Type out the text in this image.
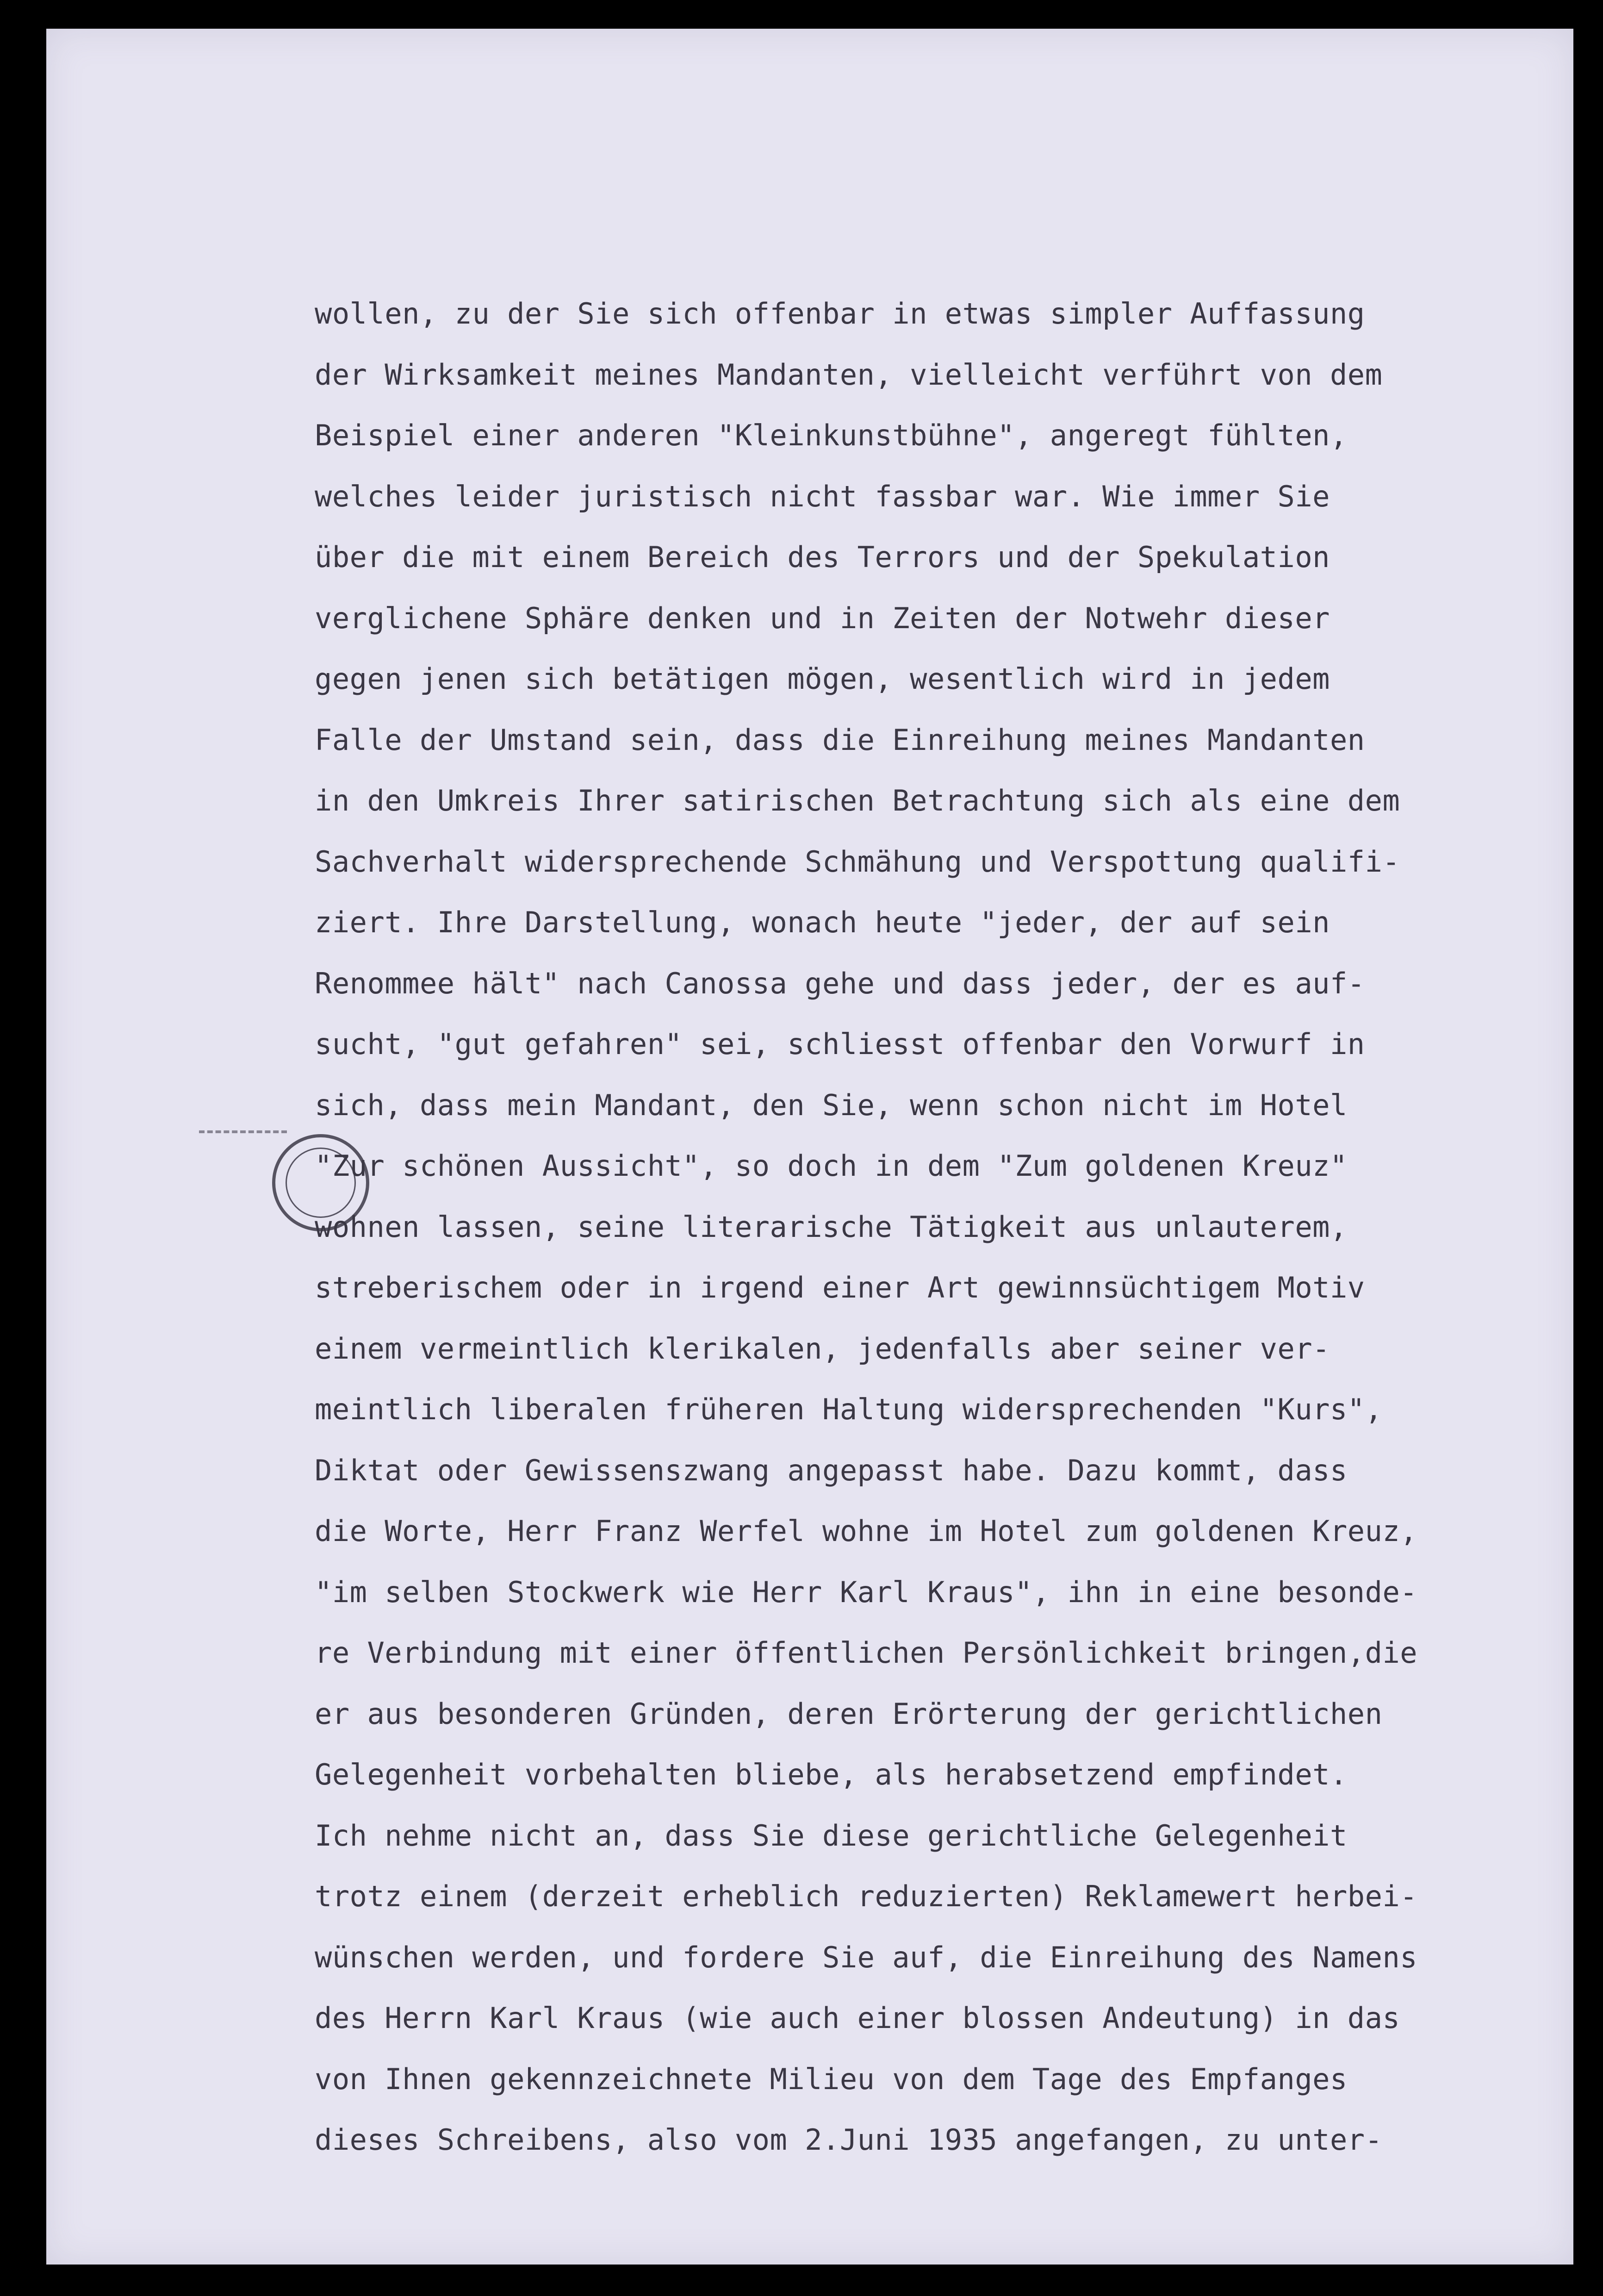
wollen, zu der Sie sich offenbar in etwas simpler Auffassung
der Wirksamkeit meines Mandanten, vielleicht verführt von dem
Beispiel einer anderen "Kleinkunstbühne", angeregt fühlten,
welches leider juristisch nicht fassbar war. Wie immer Sie
über die mit einem Bereich des Terrors und der Spekulation
verglichene Sphäre denken und in Zeiten der Notwehr dieser
gegen jenen sich betätigen mögen, wesentlich wird in jedem
Falle der Umstand sein, dass die Einreihung meines Mandanten
in den Umkreis Ihrer satirischen Betrachtung sich als eine dem
Sachverhalt widersprechende Schmähung und Verspottung qualifi-
ziert. Ihre Darstellung, wonach heute "jeder, der auf sein
Renommee hält" nach Canossa gehe und dass jeder, der es auf-
sucht, "gut gefahren" sei, schliesst offenbar den Vorwurf in
sich, dass mein Mandant, den Sie, wenn schon nicht im Hotel
"Zur schönen Aussicht", so doch in dem "Zum goldenen Kreuz"
wohnen lassen, seine literarische Tätigkeit aus unlauterem,
streberischem oder in irgend einer Art gewinnsüchtigem Motiv
einem vermeintlich klerikalen, jedenfalls aber seiner ver-
meintlich liberalen früheren Haltung widersprechenden "Kurs",
Diktat oder Gewissenszwang angepasst habe. Dazu kommt, dass
die Worte, Herr Franz Werfel wohne im Hotel zum goldenen Kreuz,
"im selben Stockwerk wie Herr Karl Kraus", ihn in eine besonde-
re Verbindung mit einer öffentlichen Persönlichkeit bringen,die
er aus besonderen Gründen, deren Erörterung der gerichtlichen
Gelegenheit vorbehalten bliebe, als herabsetzend empfindet.
Ich nehme nicht an, dass Sie diese gerichtliche Gelegenheit
trotz einem (derzeit erheblich reduzierten) Reklamewert herbei-
wünschen werden, und fordere Sie auf, die Einreihung des Namens
des Herrn Karl Kraus (wie auch einer blossen Andeutung) in das
von Ihnen gekennzeichnete Milieu von dem Tage des Empfanges
dieses Schreibens, also vom 2.Juni 1935 angefangen, zu unter-
